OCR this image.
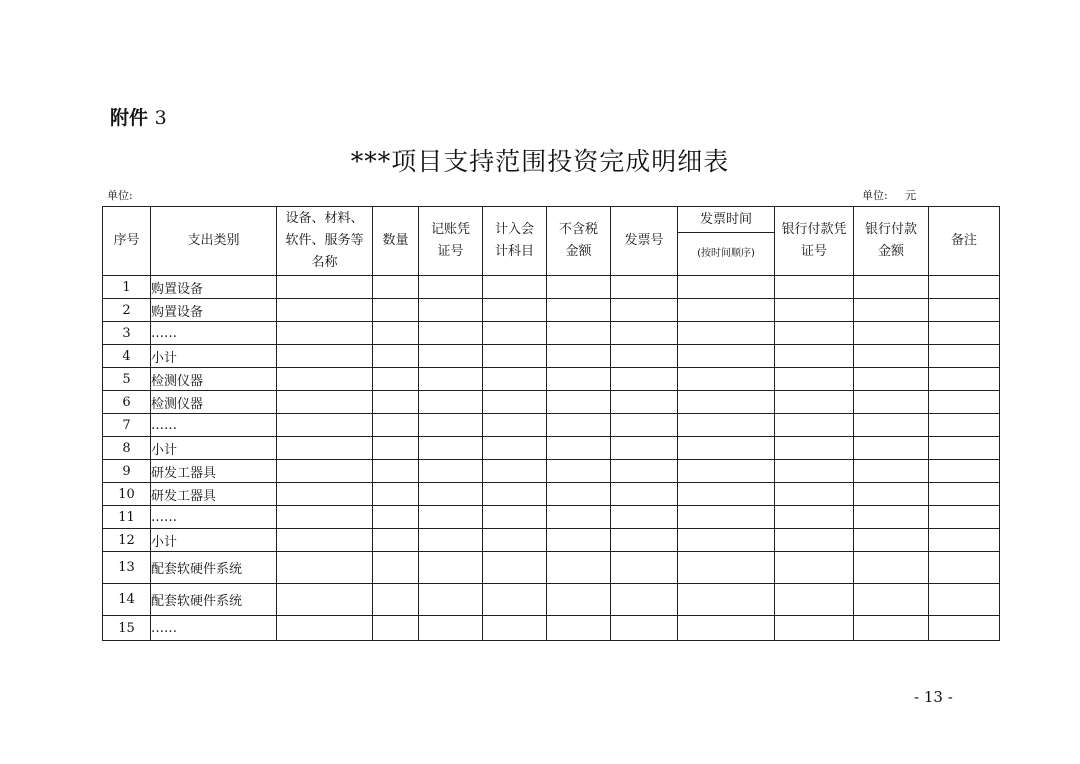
附件 3
***项目支持范围投资完成明细表
单位:	单位: 元
序号	支出类别	设备、材料、软件、服务等名称	数量	记账凭证号	计入会计科目	不含税金额	发票号	发票时间	银行付款凭证号	银行付款金额	备注
								(按时间顺序)			
1	购置设备										
2	购置设备										
3	……										
4	小计										
5	检测仪器										
6	检测仪器										
7	……										
8	小计										
9	研发工器具										
10	研发工器具										
11	……										
12	小计										
13	配套软硬件系统										
14	配套软硬件系统										
15	……										
- 13 -
